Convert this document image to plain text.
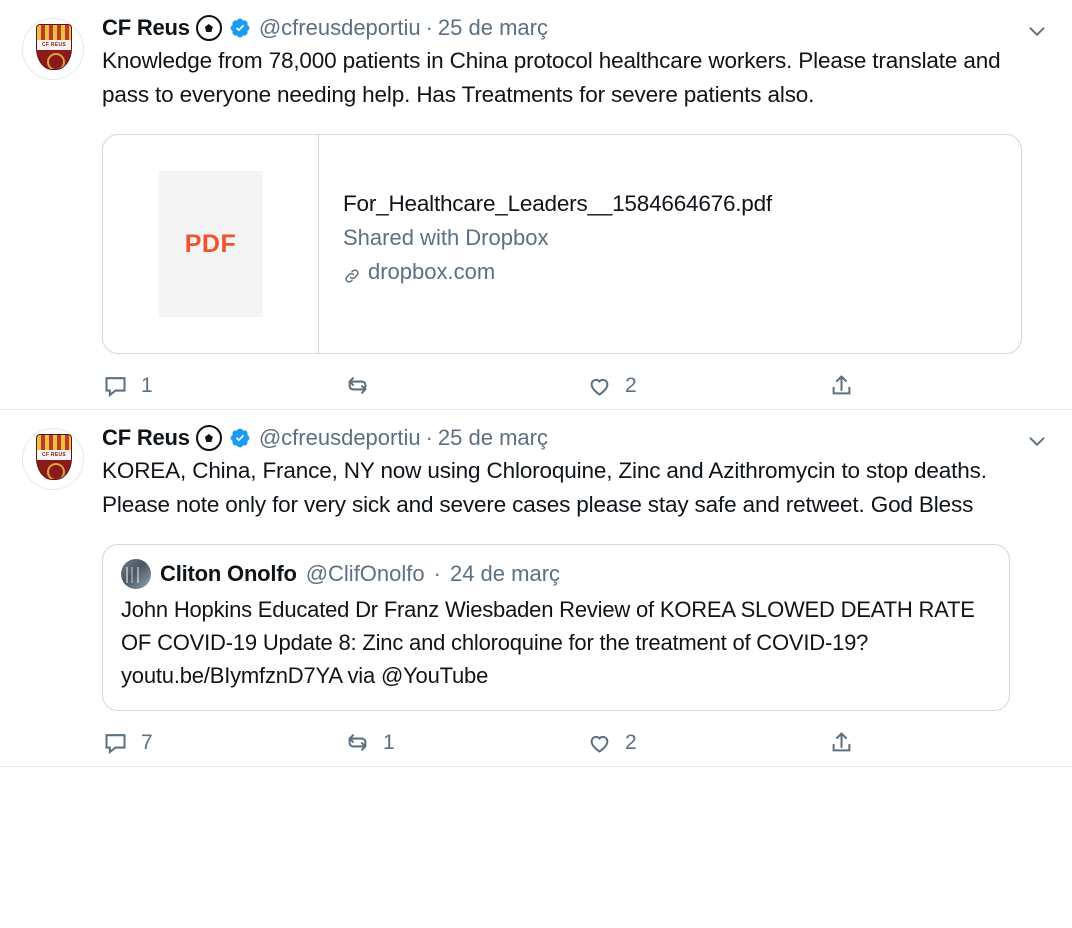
CF REUS
CF Reus	@cfreusdeportiu · 25 de març
Knowledge from 78,000 patients in China protocol healthcare workers. Please translate and pass to everyone needing help. Has Treatments for severe patients also.
PDF
For_Healthcare_Leaders__1584664676.pdf
Shared with Dropbox
dropbox.com
1	2
CF REUS
CF Reus	@cfreusdeportiu · 25 de març
KOREA, China, France, NY now using Chloroquine, Zinc and Azithromycin to stop deaths. Please note only for very sick and severe cases please stay safe and retweet. God Bless
Cliton Onolfo @ClifOnolfo · 24 de març
John Hopkins Educated Dr Franz Wiesbaden Review of KOREA SLOWED DEATH RATE OF COVID-19 Update 8: Zinc and chloroquine for the treatment of COVID-19? youtu.be/BIymfznD7YA via @YouTube
7	1	2
